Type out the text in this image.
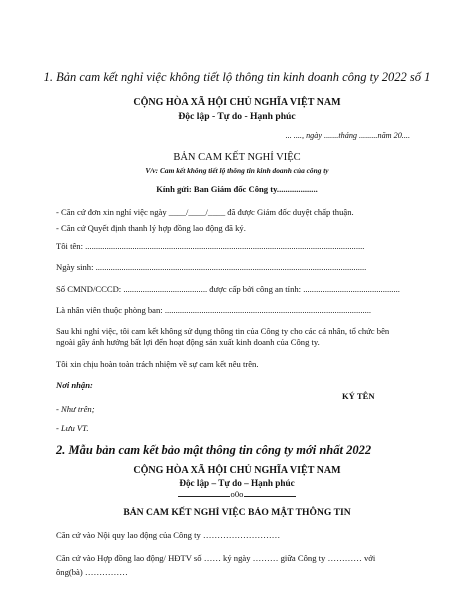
1. Bản cam kết nghỉ việc không tiết lộ thông tin kinh doanh công ty 2022 số 1
CỘNG HÒA XÃ HỘI CHỦ NGHĨA VIỆT NAM
Độc lập - Tự do - Hạnh phúc
... ...., ngày .......tháng .........năm 20....
BẢN CAM KẾT NGHỈ VIỆC
V/v: Cam kết không tiết lộ thông tin kinh doanh của công ty
Kính gửi: Ban Giám đốc Công ty...................
- Căn cứ đơn xin nghỉ việc ngày ____/____/____ đã được Giám đốc duyệt chấp thuận.
- Căn cứ Quyết định thanh lý hợp đồng lao động đã ký.
Tôi tên: ..................................................................................................................................
Ngày sinh: ..............................................................................................................................
Số CMND/CCCD: ....................................... được cấp bởi công an tỉnh: .............................................
Là nhân viên thuộc phòng ban: ................................................................................................
Sau khi nghỉ việc, tôi cam kết không sử dụng thông tin của Công ty cho các cá nhân, tổ chức bên
ngoài gây ảnh hưởng bất lợi đến hoạt động sản xuất kinh doanh của Công ty.
Tôi xin chịu hoàn toàn trách nhiệm về sự cam kết nêu trên.
Nơi nhận:
KÝ TÊN
- Như trên;
- Lưu VT.
2. Mẫu bản cam kết bảo mật thông tin công ty mới nhất 2022
CỘNG HÒA XÃ HỘI CHỦ NGHĨA VIỆT NAM
Độc lập – Tự do – Hạnh phúc
o0o
BẢN CAM KẾT NGHỈ VIỆC BẢO MẬT THÔNG TIN
Căn cứ vào Nội quy lao động của Công ty ………………………
Căn cứ vào Hợp đồng lao động/ HĐTV số …… ký ngày ……… giữa Công ty ………… với
ông(bà) ……………
